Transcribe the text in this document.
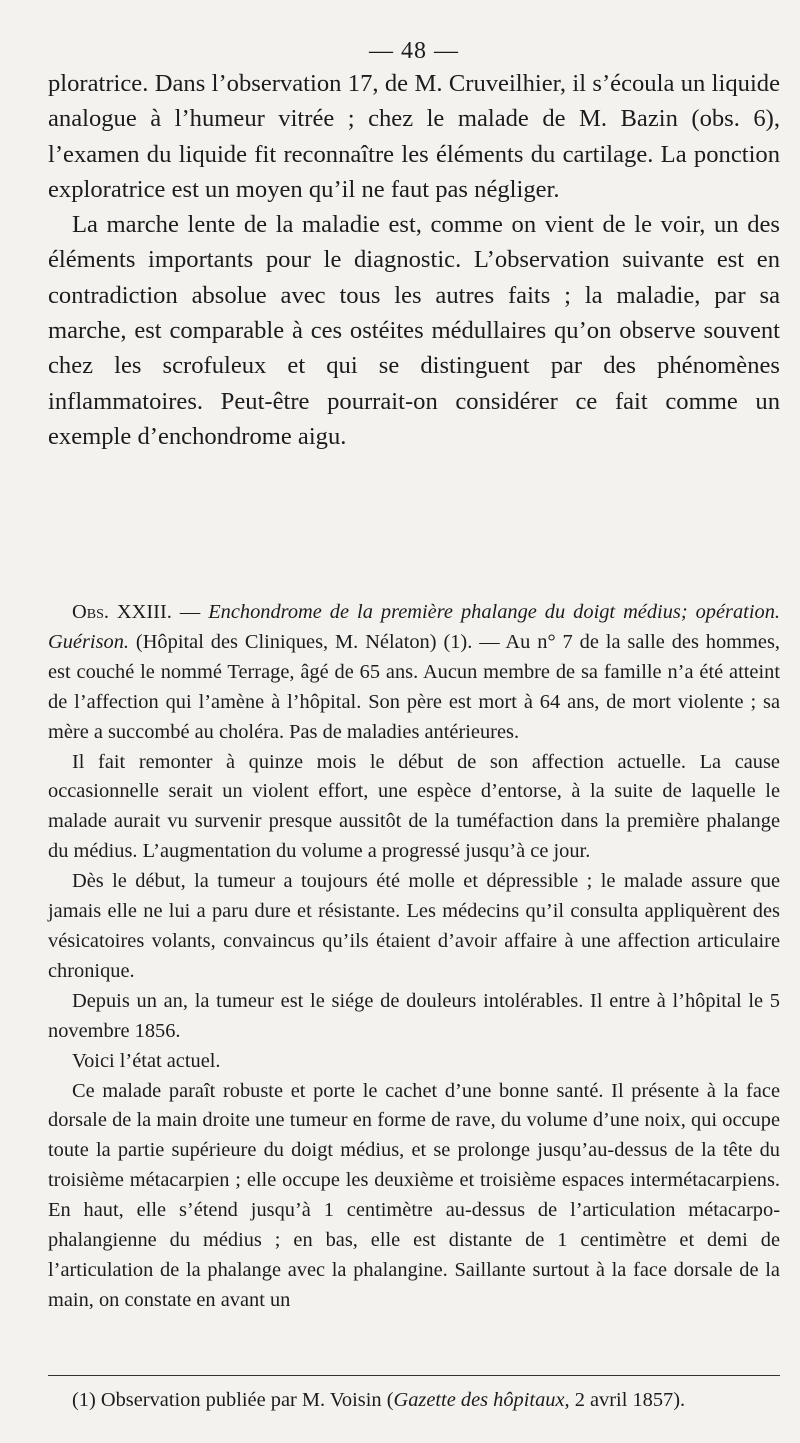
— 48 —

ploratrice. Dans l’observation 17, de M. Cruveilhier, il s’écoula un liquide analogue à l’humeur vitrée ; chez le malade de M. Bazin (obs. 6), l’examen du liquide fit reconnaître les éléments du cartilage. La ponction exploratrice est un moyen qu’il ne faut pas négliger.

La marche lente de la maladie est, comme on vient de le voir, un des éléments importants pour le diagnostic. L’observation suivante est en contradiction absolue avec tous les autres faits ; la maladie, par sa marche, est comparable à ces ostéites médullaires qu’on observe souvent chez les scrofuleux et qui se distinguent par des phénomènes inflammatoires. Peut-être pourrait-on considérer ce fait comme un exemple d’enchondrome aigu.

Obs. XXIII. — Enchondrome de la première phalange du doigt médius; opération. Guérison. (Hôpital des Cliniques, M. Nélaton) (1). — Au n° 7 de la salle des hommes, est couché le nommé Terrage, âgé de 65 ans. Aucun membre de sa famille n’a été atteint de l’affection qui l’amène à l’hôpital. Son père est mort à 64 ans, de mort violente ; sa mère a succombé au choléra. Pas de maladies antérieures.

Il fait remonter à quinze mois le début de son affection actuelle. La cause occasionnelle serait un violent effort, une espèce d’entorse, à la suite de laquelle le malade aurait vu survenir presque aussitôt de la tuméfaction dans la première phalange du médius. L’augmentation du volume a progressé jusqu’à ce jour.

Dès le début, la tumeur a toujours été molle et dépressible ; le malade assure que jamais elle ne lui a paru dure et résistante. Les médecins qu’il consulta appliquèrent des vésicatoires volants, convaincus qu’ils étaient d’avoir affaire à une affection articulaire chronique.

Depuis un an, la tumeur est le siége de douleurs intolérables. Il entre à l’hôpital le 5 novembre 1856.

Voici l’état actuel.

Ce malade paraît robuste et porte le cachet d’une bonne santé. Il présente à la face dorsale de la main droite une tumeur en forme de rave, du volume d’une noix, qui occupe toute la partie supérieure du doigt médius, et se prolonge jusqu’au-dessus de la tête du troisième métacarpien ; elle occupe les deuxième et troisième espaces intermétacarpiens. En haut, elle s’étend jusqu’à 1 centimètre au-dessus de l’articulation métacarpo-phalangienne du médius ; en bas, elle est distante de 1 centimètre et demi de l’articulation de la phalange avec la phalangine. Saillante surtout à la face dorsale de la main, on constate en avant un

(1) Observation publiée par M. Voisin (Gazette des hôpitaux, 2 avril 1857).
